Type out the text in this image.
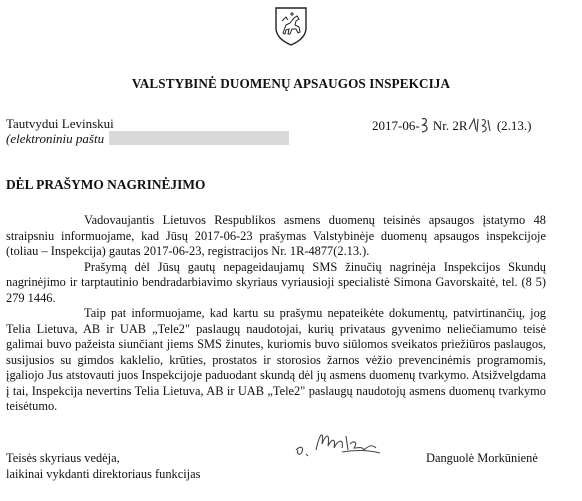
VALSTYBINĖ DUOMENŲ APSAUGOS INSPEKCIJA
Tautvydui Levinskui
(elektroniniu paštu
2017-06- Nr. 2R (2.13.)
DĖL PRAŠYMO NAGRINĖJIMO

Vadovaujantis Lietuvos Respublikos asmens duomenų teisinės apsaugos įstatymo 48 straipsniu informuojame, kad Jūsų 2017-06-23 prašymas Valstybinėje duomenų apsaugos inspekcijoje (toliau – Inspekcija) gautas 2017-06-23, registracijos Nr. 1R-4877(2.13.).

Prašymą dėl Jūsų gautų nepageidaujamų SMS žinučių nagrinėja Inspekcijos Skundų nagrinėjimo ir tarptautinio bendradarbiavimo skyriaus vyriausioji specialistė Simona Gavorskaitė, tel. (8 5) 279 1446.

Taip pat informuojame, kad kartu su prašymu nepateikėte dokumentų, patvirtinančių, jog Telia Lietuva, AB ir UAB „Tele2" paslaugų naudotojai, kurių privataus gyvenimo neliečiamumo teisė galimai buvo pažeista siunčiant jiems SMS žinutes, kuriomis buvo siūlomos sveikatos priežiūros paslaugos, susijusios su gimdos kaklelio, krūties, prostatos ir storosios žarnos vėžio prevencinėmis programomis, įgaliojo Jus atstovauti juos Inspekcijoje paduodant skundą dėl jų asmens duomenų tvarkymo. Atsižvelgdama į tai, Inspekcija nevertins Telia Lietuva, AB ir UAB „Tele2" paslaugų naudotojų asmens duomenų tvarkymo teisėtumo.

Teisės skyriaus vedėja,
laikinai vykdanti direktoriaus funkcijas
Danguolė Morkūnienė
